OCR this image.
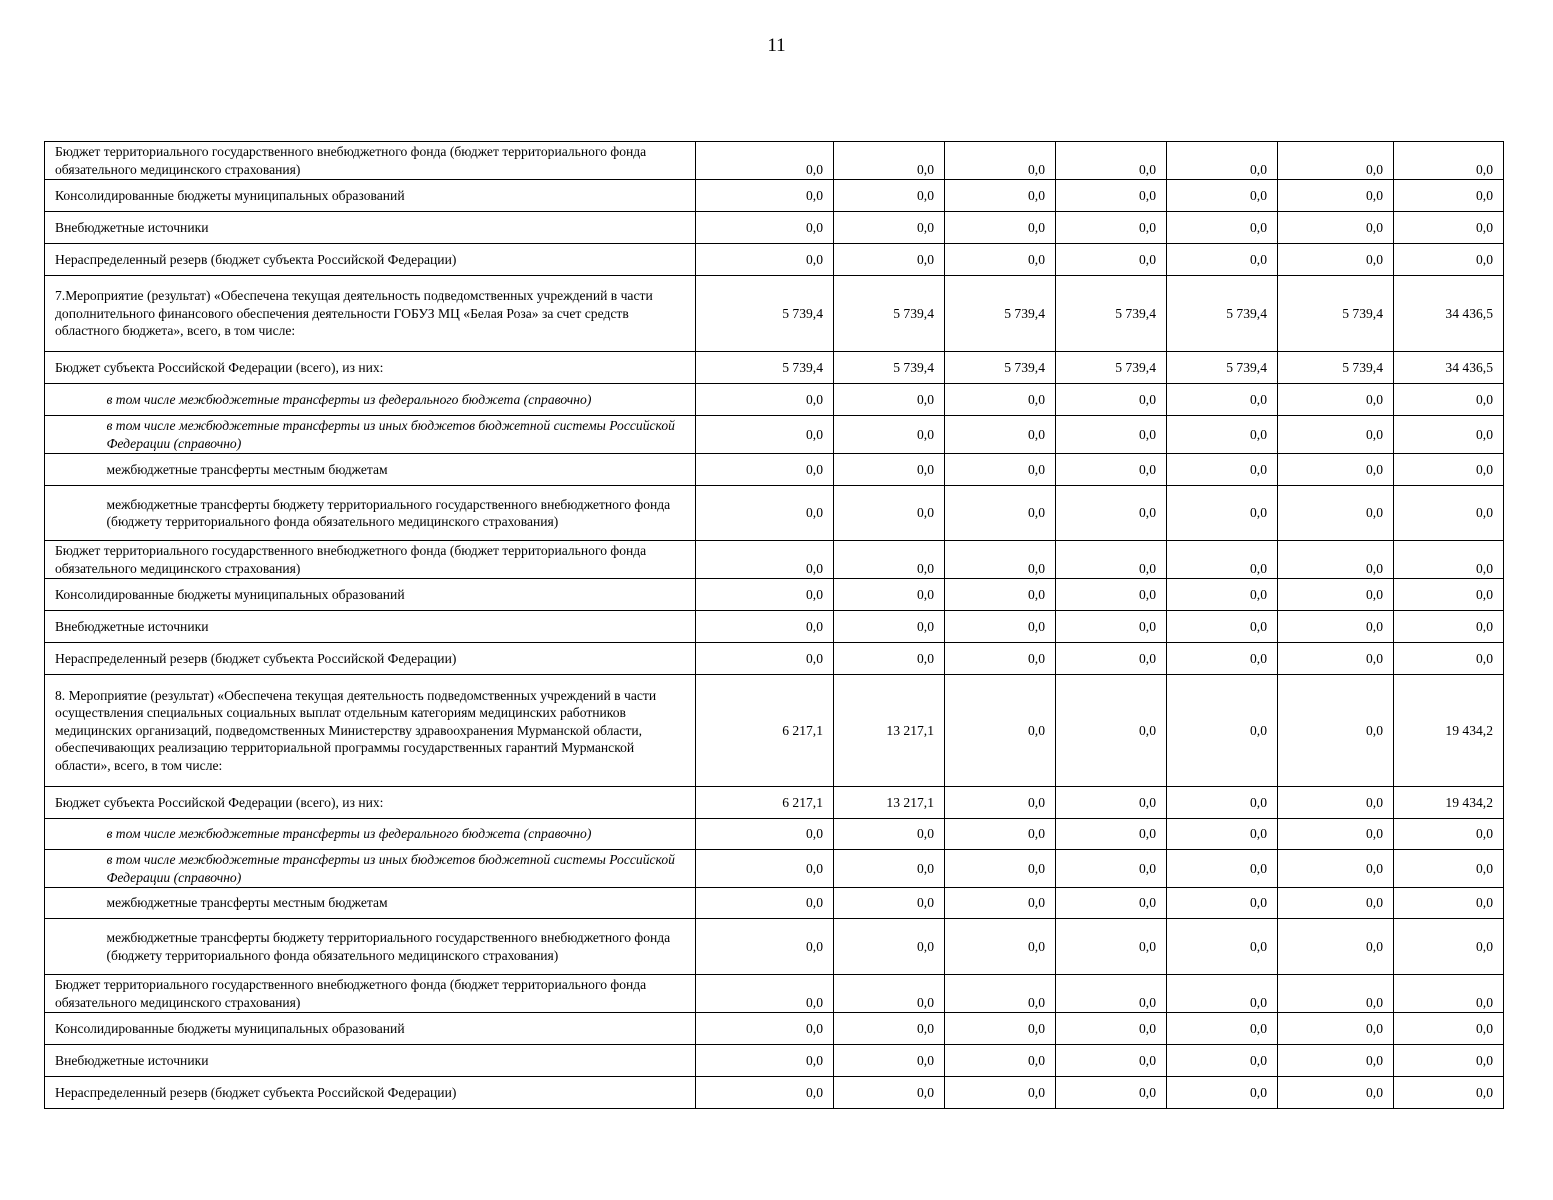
11
Бюджет территориального государственного внебюджетного фонда (бюджет территориального фонда обязательного медицинского страхования)		0,0	0,0	0,0	0,0	0,0	0,0	0,0
Консолидированные бюджеты муниципальных образований		0,0	0,0	0,0	0,0	0,0	0,0	0,0
Внебюджетные источники		0,0	0,0	0,0	0,0	0,0	0,0	0,0
Нераспределенный резерв (бюджет субъекта Российской Федерации)		0,0	0,0	0,0	0,0	0,0	0,0	0,0
7.Мероприятие (результат) «Обеспечена текущая деятельность подведомственных учреждений в части дополнительного финансового обеспечения деятельности ГОБУЗ МЦ «Белая Роза» за счет средств областного бюджета», всего, в том числе:		5 739,4	5 739,4	5 739,4	5 739,4	5 739,4	5 739,4	34 436,5
Бюджет субъекта Российской Федерации (всего), из них:		5 739,4	5 739,4	5 739,4	5 739,4	5 739,4	5 739,4	34 436,5
	в том числе межбюджетные трансферты из федерального бюджета (справочно)	0,0	0,0	0,0	0,0	0,0	0,0	0,0
	в том числе межбюджетные трансферты из иных бюджетов бюджетной системы Российской Федерации (справочно)	0,0	0,0	0,0	0,0	0,0	0,0	0,0
	межбюджетные трансферты местным бюджетам	0,0	0,0	0,0	0,0	0,0	0,0	0,0
	межбюджетные трансферты бюджету территориального государственного внебюджетного фонда (бюджету территориального фонда обязательного медицинского страхования)	0,0	0,0	0,0	0,0	0,0	0,0	0,0
Бюджет территориального государственного внебюджетного фонда (бюджет территориального фонда обязательного медицинского страхования)		0,0	0,0	0,0	0,0	0,0	0,0	0,0
Консолидированные бюджеты муниципальных образований		0,0	0,0	0,0	0,0	0,0	0,0	0,0
Внебюджетные источники		0,0	0,0	0,0	0,0	0,0	0,0	0,0
Нераспределенный резерв (бюджет субъекта Российской Федерации)		0,0	0,0	0,0	0,0	0,0	0,0	0,0
8. Мероприятие (результат) «Обеспечена текущая деятельность подведомственных учреждений в части осуществления специальных социальных выплат отдельным категориям медицинских работников медицинских организаций, подведомственных Министерству здравоохранения Мурманской области, обеспечивающих реализацию территориальной программы государственных гарантий Мурманской области», всего, в том числе:		6 217,1	13 217,1	0,0	0,0	0,0	0,0	19 434,2
Бюджет субъекта Российской Федерации (всего), из них:		6 217,1	13 217,1	0,0	0,0	0,0	0,0	19 434,2
	в том числе межбюджетные трансферты из федерального бюджета (справочно)	0,0	0,0	0,0	0,0	0,0	0,0	0,0
	в том числе межбюджетные трансферты из иных бюджетов бюджетной системы Российской Федерации (справочно)	0,0	0,0	0,0	0,0	0,0	0,0	0,0
	межбюджетные трансферты местным бюджетам	0,0	0,0	0,0	0,0	0,0	0,0	0,0
	межбюджетные трансферты бюджету территориального государственного внебюджетного фонда (бюджету территориального фонда обязательного медицинского страхования)	0,0	0,0	0,0	0,0	0,0	0,0	0,0
Бюджет территориального государственного внебюджетного фонда (бюджет территориального фонда обязательного медицинского страхования)		0,0	0,0	0,0	0,0	0,0	0,0	0,0
Консолидированные бюджеты муниципальных образований		0,0	0,0	0,0	0,0	0,0	0,0	0,0
Внебюджетные источники		0,0	0,0	0,0	0,0	0,0	0,0	0,0
Нераспределенный резерв (бюджет субъекта Российской Федерации)		0,0	0,0	0,0	0,0	0,0	0,0	0,0
